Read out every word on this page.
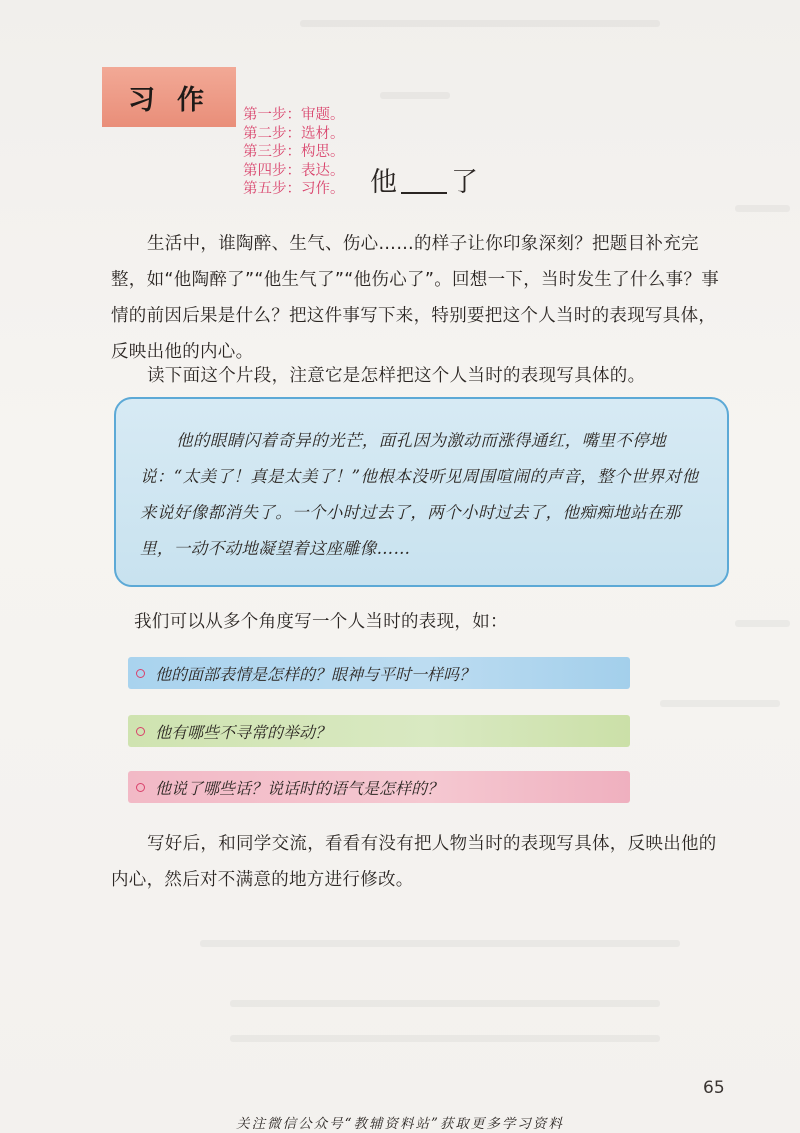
习作 第一步：审题。
第二步：选材。
第三步：构思。
第四步：表达。
第五步：习作。 他 了
生活中，谁陶醉、生气、伤心……的样子让你印象深刻？把题目补充完整，如“他陶醉了”“他生气了”“他伤心了”。回想一下，当时发生了什么事？事情的前因后果是什么？把这件事写下来，特别要把这个人当时的表现写具体，反映出他的内心。
读下面这个片段，注意它是怎样把这个人当时的表现写具体的。
他的眼睛闪着奇异的光芒，面孔因为激动而涨得通红，嘴里不停地说：“太美了！真是太美了！”他根本没听见周围喧闹的声音，整个世界对他来说好像都消失了。一个小时过去了，两个小时过去了，他痴痴地站在那里，一动不动地凝望着这座雕像……
我们可以从多个角度写一个人当时的表现，如：
他的面部表情是怎样的？眼神与平时一样吗？
他有哪些不寻常的举动？
他说了哪些话？说话时的语气是怎样的？
写好后，和同学交流，看看有没有把人物当时的表现写具体，反映出他的内心，然后对不满意的地方进行修改。
65
关注微信公众号“教辅资料站”获取更多学习资料
